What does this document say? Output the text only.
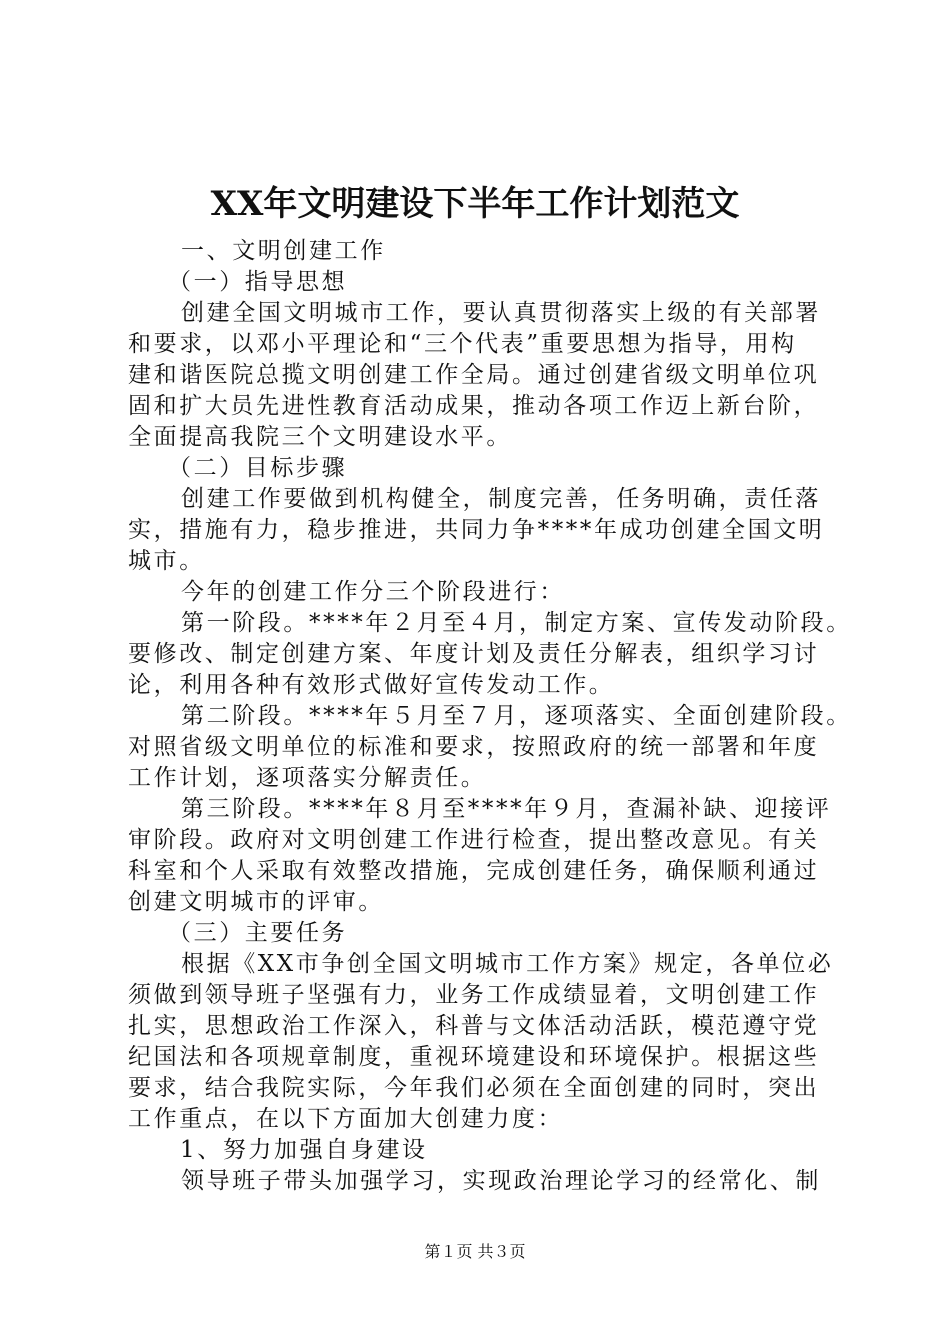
XX年文明建设下半年工作计划范文
一、文明创建工作
（一）指导思想
创建全国文明城市工作，要认真贯彻落实上级的有关部署
和要求，以邓小平理论和“三个代表”重要思想为指导，用构
建和谐医院总揽文明创建工作全局。通过创建省级文明单位巩
固和扩大员先进性教育活动成果，推动各项工作迈上新台阶，
全面提高我院三个文明建设水平。
（二）目标步骤
创建工作要做到机构健全，制度完善，任务明确，责任落
实，措施有力，稳步推进，共同力争****年成功创建全国文明
城市。
今年的创建工作分三个阶段进行：
第一阶段。****年２月至４月，制定方案、宣传发动阶段。
要修改、制定创建方案、年度计划及责任分解表，组织学习讨
论，利用各种有效形式做好宣传发动工作。
第二阶段。****年５月至７月，逐项落实、全面创建阶段。
对照省级文明单位的标准和要求，按照政府的统一部署和年度
工作计划，逐项落实分解责任。
第三阶段。****年８月至****年９月，查漏补缺、迎接评
审阶段。政府对文明创建工作进行检查，提出整改意见。有关
科室和个人采取有效整改措施，完成创建任务，确保顺利通过
创建文明城市的评审。
（三）主要任务
根据《XX市争创全国文明城市工作方案》规定，各单位必
须做到领导班子坚强有力，业务工作成绩显着，文明创建工作
扎实，思想政治工作深入，科普与文体活动活跃，模范遵守党
纪国法和各项规章制度，重视环境建设和环境保护。根据这些
要求，结合我院实际，今年我们必须在全面创建的同时，突出
工作重点，在以下方面加大创建力度：
1、努力加强自身建设
领导班子带头加强学习，实现政治理论学习的经常化、制
第１页 共３页
